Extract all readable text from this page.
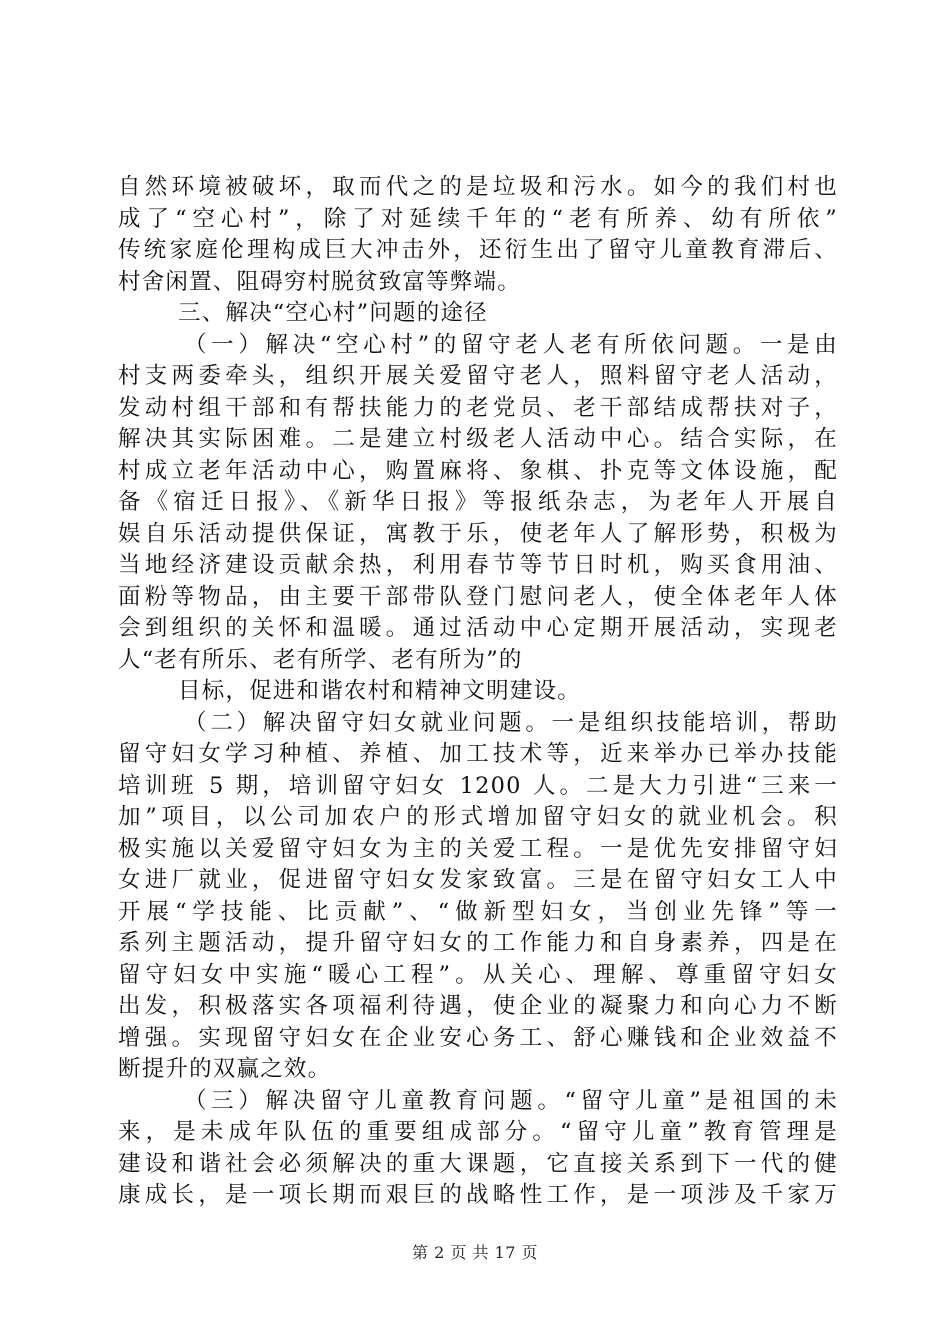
自然环境被破坏，取而代之的是垃圾和污水。如今的我们村也
成了“空心村”，除了对延续千年的“老有所养、幼有所依”
传统家庭伦理构成巨大冲击外，还衍生出了留守儿童教育滞后、
村舍闲置、阻碍穷村脱贫致富等弊端。
三、解决“空心村”问题的途径
（一）解决“空心村”的留守老人老有所依问题。一是由
村支两委牵头，组织开展关爱留守老人，照料留守老人活动，
发动村组干部和有帮扶能力的老党员、老干部结成帮扶对子，
解决其实际困难。二是建立村级老人活动中心。结合实际，在
村成立老年活动中心，购置麻将、象棋、扑克等文体设施，配
备《宿迁日报》、《新华日报》等报纸杂志，为老年人开展自
娱自乐活动提供保证，寓教于乐，使老年人了解形势，积极为
当地经济建设贡献余热，利用春节等节日时机，购买食用油、
面粉等物品，由主要干部带队登门慰问老人，使全体老年人体
会到组织的关怀和温暖。通过活动中心定期开展活动，实现老
人“老有所乐、老有所学、老有所为”的
目标，促进和谐农村和精神文明建设。
（二）解决留守妇女就业问题。一是组织技能培训，帮助
留守妇女学习种植、养植、加工技术等，近来举办已举办技能
培训班 5 期，培训留守妇女 1200 人。二是大力引进“三来一
加”项目，以公司加农户的形式增加留守妇女的就业机会。积
极实施以关爱留守妇女为主的关爱工程。一是优先安排留守妇
女进厂就业，促进留守妇女发家致富。三是在留守妇女工人中
开展“学技能、比贡献”、“做新型妇女，当创业先锋”等一
系列主题活动，提升留守妇女的工作能力和自身素养，四是在
留守妇女中实施“暖心工程”。从关心、理解、尊重留守妇女
出发，积极落实各项福利待遇，使企业的凝聚力和向心力不断
增强。实现留守妇女在企业安心务工、舒心赚钱和企业效益不
断提升的双赢之效。
（三）解决留守儿童教育问题。“留守儿童”是祖国的未
来，是未成年队伍的重要组成部分。“留守儿童”教育管理是
建设和谐社会必须解决的重大课题，它直接关系到下一代的健
康成长，是一项长期而艰巨的战略性工作，是一项涉及千家万
第 2 页 共 17 页
